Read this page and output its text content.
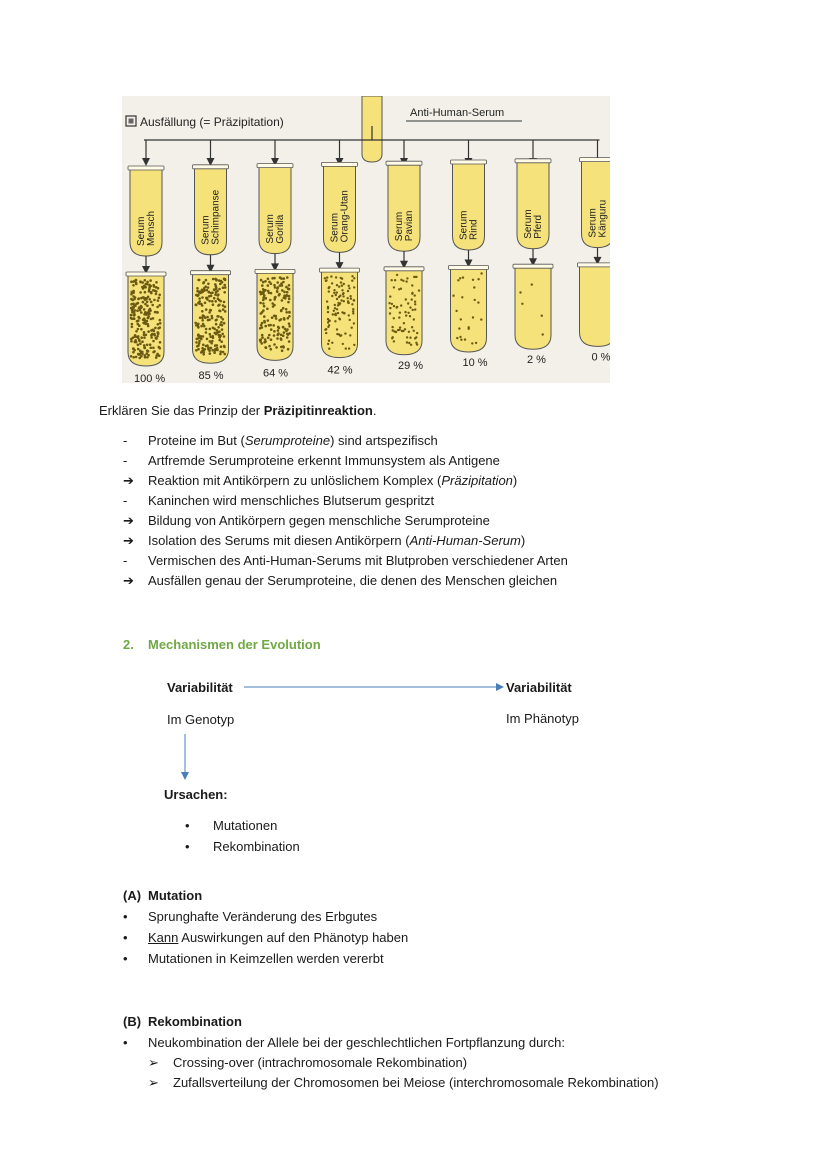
Ausfällung (= Präzipitation)
Anti-Human-Serum
SerumMensch
100 %
SerumSchimpanse
85 %
SerumGorilla
64 %
SerumOrang-Utan
42 %
SerumPavian
29 %
SerumRind
10 %
SerumPferd
2 %
SerumKänguru
0 %
Erklären Sie das Prinzip der Präzipitinreaktion.
-	Proteine im But (Serumproteine) sind artspezifisch
-	Artfremde Serumproteine erkennt Immunsystem als Antigene
➔	Reaktion mit Antikörpern zu unlöslichem Komplex (Präzipitation)
-	Kaninchen wird menschliches Blutserum gespritzt
➔	Bildung von Antikörpern gegen menschliche Serumproteine
➔	Isolation des Serums mit diesen Antikörpern (Anti-Human-Serum)
-	Vermischen des Anti-Human-Serums mit Blutproben verschiedener Arten
➔	Ausfällen genau der Serumproteine, die denen des Menschen gleichen
2. Mechanismen der Evolution
Variabilität
Im Genotyp
Variabilität
Im Phänotyp
Ursachen:
• Mutationen
• Rekombination
(A) Mutation
• Sprunghafte Veränderung des Erbgutes
• Kann Auswirkungen auf den Phänotyp haben
• Mutationen in Keimzellen werden vererbt
(B) Rekombination
• Neukombination der Allele bei der geschlechtlichen Fortpflanzung durch:
➢ Crossing-over (intrachromosomale Rekombination)
➢ Zufallsverteilung der Chromosomen bei Meiose (interchromosomale Rekombination)
